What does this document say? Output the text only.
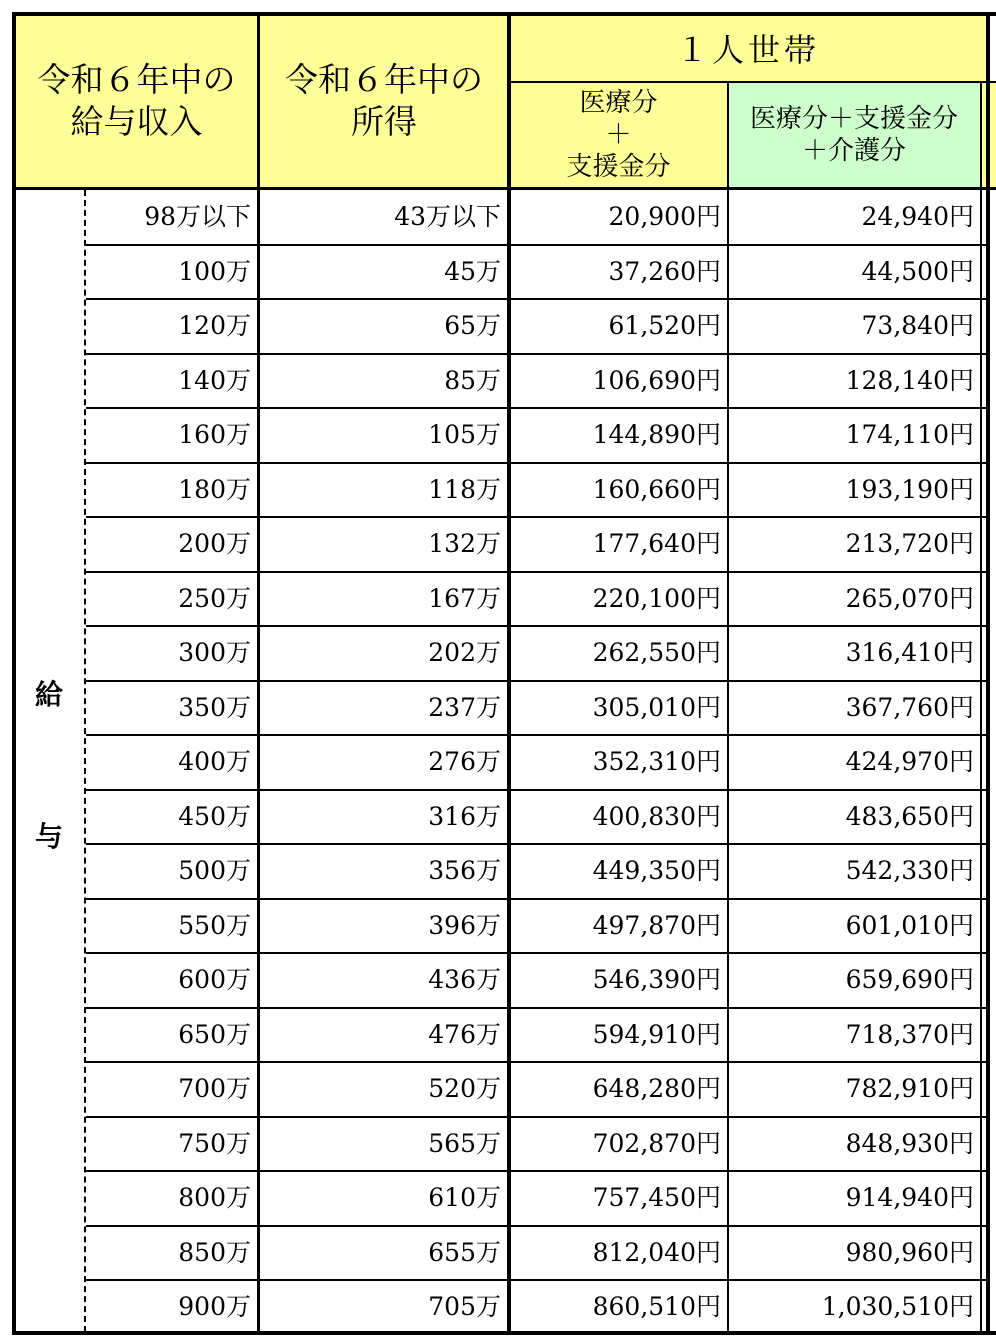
令和６年中の
給与収入
令和６年中の
所得
１人世帯
医療分
＋
支援金分
医療分＋支援金分
＋介護分
給
与
98万以下	43万以下	20,900円	24,940円
100万	45万	37,260円	44,500円
120万	65万	61,520円	73,840円
140万	85万	106,690円	128,140円
160万	105万	144,890円	174,110円
180万	118万	160,660円	193,190円
200万	132万	177,640円	213,720円
250万	167万	220,100円	265,070円
300万	202万	262,550円	316,410円
350万	237万	305,010円	367,760円
400万	276万	352,310円	424,970円
450万	316万	400,830円	483,650円
500万	356万	449,350円	542,330円
550万	396万	497,870円	601,010円
600万	436万	546,390円	659,690円
650万	476万	594,910円	718,370円
700万	520万	648,280円	782,910円
750万	565万	702,870円	848,930円
800万	610万	757,450円	914,940円
850万	655万	812,040円	980,960円
900万	705万	860,510円	1,030,510円
